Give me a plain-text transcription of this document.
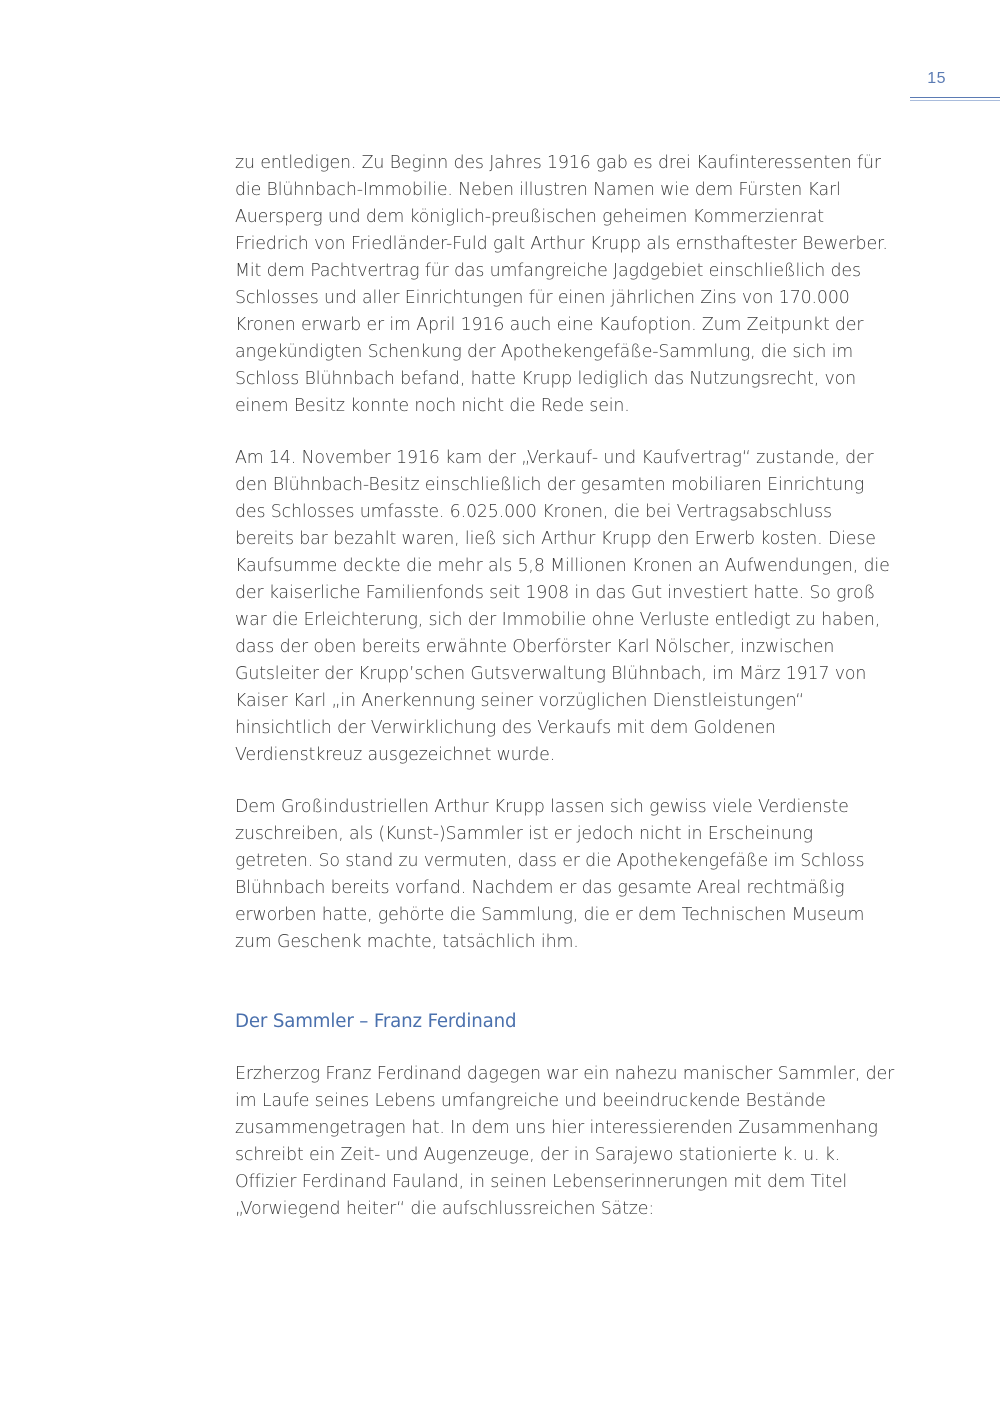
15

zu entledigen. Zu Beginn des Jahres 1916 gab es drei Kaufinteressenten für die Blühnbach-Immobilie. Neben illustren Namen wie dem Fürsten Karl Auersperg und dem königlich-preußischen geheimen Kommerzienrat Friedrich von Friedländer-Fuld galt Arthur Krupp als ernsthaftester Bewerber. Mit dem Pachtvertrag für das umfangreiche Jagdgebiet einschließlich des Schlosses und aller Einrichtungen für einen jährlichen Zins von 170.000 Kronen erwarb er im April 1916 auch eine Kaufoption. Zum Zeitpunkt der angekündigten Schenkung der Apothekengefäße-Sammlung, die sich im Schloss Blühnbach befand, hatte Krupp lediglich das Nutzungsrecht, von einem Besitz konnte noch nicht die Rede sein.

Am 14. November 1916 kam der „Verkauf- und Kaufvertrag“ zustande, der den Blühnbach-Besitz einschließlich der gesamten mobiliaren Einrichtung des Schlosses umfasste. 6.025.000 Kronen, die bei Vertragsabschluss bereits bar bezahlt waren, ließ sich Arthur Krupp den Erwerb kosten. Diese Kaufsumme deckte die mehr als 5,8 Millionen Kronen an Aufwendungen, die der kaiserliche Familienfonds seit 1908 in das Gut investiert hatte. So groß war die Erleichterung, sich der Immobilie ohne Verluste entledigt zu haben, dass der oben bereits erwähnte Oberförster Karl Nölscher, inzwischen Gutsleiter der Krupp’schen Gutsverwaltung Blühnbach, im März 1917 von Kaiser Karl „in Anerkennung seiner vorzüglichen Dienstleistungen“ hinsichtlich der Verwirklichung des Verkaufs mit dem Goldenen Verdienstkreuz ausgezeichnet wurde.

Dem Großindustriellen Arthur Krupp lassen sich gewiss viele Verdienste zuschreiben, als (Kunst-)Sammler ist er jedoch nicht in Erscheinung getreten. So stand zu vermuten, dass er die Apothekengefäße im Schloss Blühnbach bereits vorfand. Nachdem er das gesamte Areal rechtmäßig erworben hatte, gehörte die Sammlung, die er dem Technischen Museum zum Geschenk machte, tatsächlich ihm.

Der Sammler – Franz Ferdinand

Erzherzog Franz Ferdinand dagegen war ein nahezu manischer Sammler, der im Laufe seines Lebens umfangreiche und beeindruckende Bestände zusammengetragen hat. In dem uns hier interessierenden Zusammenhang schreibt ein Zeit- und Augenzeuge, der in Sarajewo stationierte k. u. k. Offizier Ferdinand Fauland, in seinen Lebenserinnerungen mit dem Titel „Vorwiegend heiter“ die aufschlussreichen Sätze:
